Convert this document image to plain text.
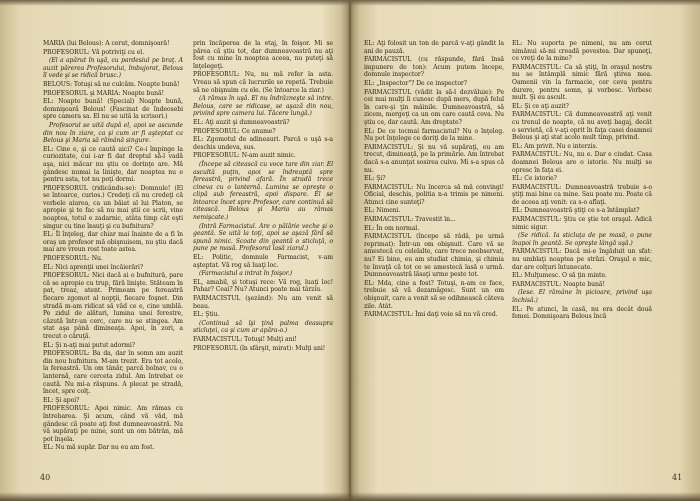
MARIA (lui Belous): A cerut, domnişoară!

PROFESORUL: Vă potriviţi cu el.

(El a apărut în uşă, cu pardesiul pe braţ. A auzit părerea Profesorului, îmbujorat, Belous îl vede şi se ridică brusc.)

BELOUS: Totuşi să ne culcăm. Noapte bună!

PROFESORUL şi MARIA: Noapte bună!

EL: Noapte bună! (Special) Noapte bună, domnişoară Belous! (Fascinat de îndeosebi spre camera sa. El nu se uită la scrisori.)

Profesorul se uită după el, apoi se ascunde din nou în ziare, ca şi cum ar fi aşteptat ca Belous şi Maria să rămână singure.

EL: Cine e, şi ce caută aici? Ce-i împinge la curiozitate, cui i-ar fi dat dreptul să-l vadă aşa, nici măcar nu ştiu ce dorinţe are. Mă gândesc numai la linişte, dar noaptea nu e pentru asta, tot nu poţi dormi.

PROFESORUL (ridicându-se): Domnule! (El se întoarce, curios.) Credeţi că nu credeţi că verbele aiurea, ca un băiat al lui Platon, se apropie şi te fac să nu mai ştii ce scrii, vine noaptea, totul e zadarnic, atâta timp cât eşti singur cu tine însuţi şi cu bufnitura?

EL: Îl înţeleg, dar chiar mai înainte de a fi în oraş un profesor mă obişnuisem, nu ştiu dacă mai are vreun rost toate astea.

PROFESORUL: Nu.

EL: Nici aprenţii unei încăierări?

PROFESORUL: Nici dacă ai o bufnitură, pare că se apropie cu trup, fără linişte. Stăteam în pat, treaz, atent. Primeam pe fereastră fiecare zgomot al nopţii, fiecare foşnet. Din stradă m-am ridicat să văd ce e, cine umblă. Pe zidul de alături, lumina unei ferestre, căzută într-un cerc, care nu se stingea. Am stat aşa până dimineaţa. Apoi, în zori, a trecut o căruţă.

EL: Şi n-aţi mai putut adormi?

PROFESORUL: Ba da, dar în somn am auzit din nou bufnitura. M-am trezit. Era tot acolo, la fereastră. Un om tânăr, parcă bolnav, cu o lanternă, care cerceta zidul. Am întrebat ce caută. Nu mi-a răspuns. A plecat pe stradă, încet, spre colţ.

EL: Şi apoi?

PROFESORUL: Apoi nimic. Am rămas cu întrebarea. Şi acum, când vă văd, mă gândesc că poate aţi fost dumneavoastră. Nu vă supăraţi pe mine, sunt un om bătrân, mă pot înşela.

EL: Nu mă supăr. Dar nu eu am fost.

prin încăperea de la etaj, în foişor. Mi se părea că ştiu tot, dar dumneavoastră nu aţi fost cu mine în noaptea aceea, nu puteţi să înţelegeţi.

PROFESORUL: Nu, nu mă refer la asta. Vreau să spun că lucrurile se repetă. Trebuie să ne obişnuim cu ele. (Se întoarce la ziar.)

(A rămas în uşă. El nu îndrăzneşte să intre. Belous, care se ridicase, se aşază din nou, privind spre camera lui. Tăcere lungă.)

EL: Aţi auzit şi dumneavoastră?

PROFESORUL: Ce anume?

EL: Zgomotul de adineauri. Parcă o uşă s-a deschis undeva, sus.

PROFESORUL: N-am auzit nimic.

(Începe să citească cu voce tare din ziar. El ascultă puţin, apoi se îndreaptă spre fereastră, privind afară. În stradă trece cineva cu o lanternă. Lumina se opreşte o clipă sub fereastră, apoi dispare. El se întoarce încet spre Profesor, care continuă să citească. Belous şi Maria au rămas nemişcate.)

(Intră Farmacistul. Are o pălărie veche şi o geantă. Se uită la toţi, apoi se aşază fără să spună nimic. Scoate din geantă o sticluţă, o pune pe masă. Profesorul lasă ziarul.)

EL: Politic, domnule Farmacist, v-am aşteptat. Vă rog să luaţi loc.

(Farmacistul a intrat în foişor.)

EL, amabil, şi totuşi rece: Vă rog, luaţi loc! Pahar? Ceai? Nu? Atunci poate mai târziu.

FARMACISTUL (şezând): Nu am venit să beau.

EL: Ştiu.

(Continuă să îşi ţină palma deasupra sticluţei, ca şi cum ar apăra-o.)

FARMACISTUL: Totuşi! Mulţi ani!

PROFESORUL (în sfârşit, mirat): Mulţi ani!

40

EL: Aţi folosit un ton de parcă v-aţi gândit la ani de pauză.

FARMACISTUL (cu răspunde, fără însă impunere de ton): Acum putem începe, domnule inspector?

EL: „Inspector"? De ce inspector?

FARMACISTUL (vădit la să-l dezvăluie): Pe cei mai mulţi îi cunosc după mers, după felul în care-şi ţin mâinile. Dumneavoastră, să zicem, mergeţi ca un om care caută ceva. Nu ştiu ce, dar caută. Am dreptate?

EL: De ce tocmai farmacistul? Nu o înţeleg. Nu pot înţelege ce doriţi de la mine.

FARMACISTUL: Şi nu vă supăraţi, eu am trecut, dimineaţă, pe la primărie. Am întrebat dacă s-a anunţat sosirea cuiva. Mi s-a spus că nu.

EL: Şi?

FARMACISTUL: Nu încerca să mă convingi! Oficial, deschis, politia n-a trimis pe nimeni. Atunci cine sunteţi?

EL: Nimeni.

FARMACISTUL: Travestit în...

EL: În om normal.

FARMACISTUL (începe să râdă, pe urmă reprimat): Într-un om obişnuit. Care vă se amestecă cu celelalte, care trece neobservat, nu? Ei bine, eu am studiat chimia, şi chimia te învaţă că tot ce se amestecă lasă o urmă. Dumneavoastră lăsaţi urme peste tot.

EL: Mda, cine a fost? Totuşi, n-am ce face, trebuie să vă dezamăgesc. Sunt un om obişnuit, care a venit să se odihnească câteva zile. Atât.

FARMACISTUL: Îmi daţi voie să nu vă cred.

EL: Nu suporta pe nimeni, nu am cerut nimănui să-mi creadă povestea. Dar spuneţi, ce vreţi de la mine?

FARMACISTUL: Ca să ştiţi, în oraşul nostru nu se întâmplă nimic fără ştirea mea. Oamenii vin la farmacie, cer ceva pentru durere, pentru somn, şi vorbesc. Vorbesc mult. Şi eu ascult.

EL: Şi ce aţi auzit?

FARMACISTUL: Că dumneavoastră aţi venit cu trenul de noapte, că nu aveţi bagaj, decât o servietă, că v-aţi oprit în faţa casei doamnei Belous şi aţi stat acolo mult timp, privind.

EL: Am privit. Nu e interzis.

FARMACISTUL: Nu, nu e. Dar e ciudat. Casa doamnei Belous are o istorie. Nu mulţi se opresc în faţa ei.

EL: Ce istorie?

FARMACISTUL: Dumneavoastră trebuie s-o ştiţi mai bine ca mine. Sau poate nu. Poate că de aceea aţi venit: ca s-o aflaţi.

EL: Dumneavoastră ştiţi ce s-a întâmplat?

FARMACISTUL: Ştiu ce ştie tot oraşul. Adică nimic sigur.

(Se ridică. Ia sticluţa de pe masă, o pune înapoi în geantă. Se opreşte lângă uşă.)

FARMACISTUL: Dacă mi-e îngăduit un sfat: nu umblaţi noaptea pe străzi. Oraşul e mic, dar are colţuri întunecate.

EL: Mulţumesc. O să ţin minte.

FARMACISTUL: Noapte bună!

(Iese. El rămâne în picioare, privind uşa închisă.)

EL: Pe atunci, în casă, nu era decât două femei. Domnişoara Belous încă

41
